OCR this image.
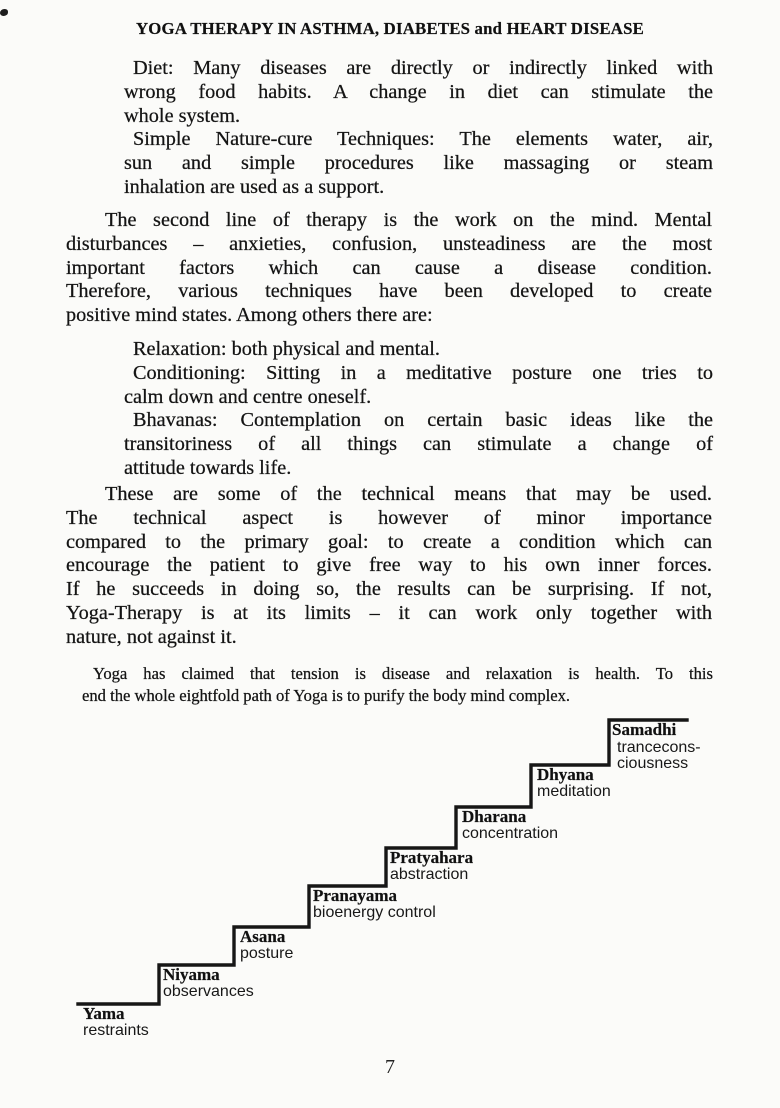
YOGA THERAPY IN ASTHMA, DIABETES and HEART DISEASE
Diet: Many diseases are directly or indirectly linked with
wrong food habits. A change in diet can stimulate the
whole system.
Simple Nature-cure Techniques: The elements water, air,
sun and simple procedures like massaging or steam
inhalation are used as a support.
The second line of therapy is the work on the mind. Mental
disturbances – anxieties, confusion, unsteadiness are the most
important factors which can cause a disease condition.
Therefore, various techniques have been developed to create
positive mind states. Among others there are:
Relaxation: both physical and mental.
Conditioning: Sitting in a meditative posture one tries to
calm down and centre oneself.
Bhavanas: Contemplation on certain basic ideas like the
transitoriness of all things can stimulate a change of
attitude towards life.
These are some of the technical means that may be used.
The technical aspect is however of minor importance
compared to the primary goal: to create a condition which can
encourage the patient to give free way to his own inner forces.
If he succeeds in doing so, the results can be surprising. If not,
Yoga-Therapy is at its limits – it can work only together with
nature, not against it.
Yoga has claimed that tension is disease and relaxation is health. To this
end the whole eightfold path of Yoga is to purify the body mind complex.
Yama
restraints
Niyama
observances
Asana
posture
Pranayama
bioenergy control
Pratyahara
abstraction
Dharana
concentration
Dhyana
meditation
Samadhi
trancecons-
ciousness
7
